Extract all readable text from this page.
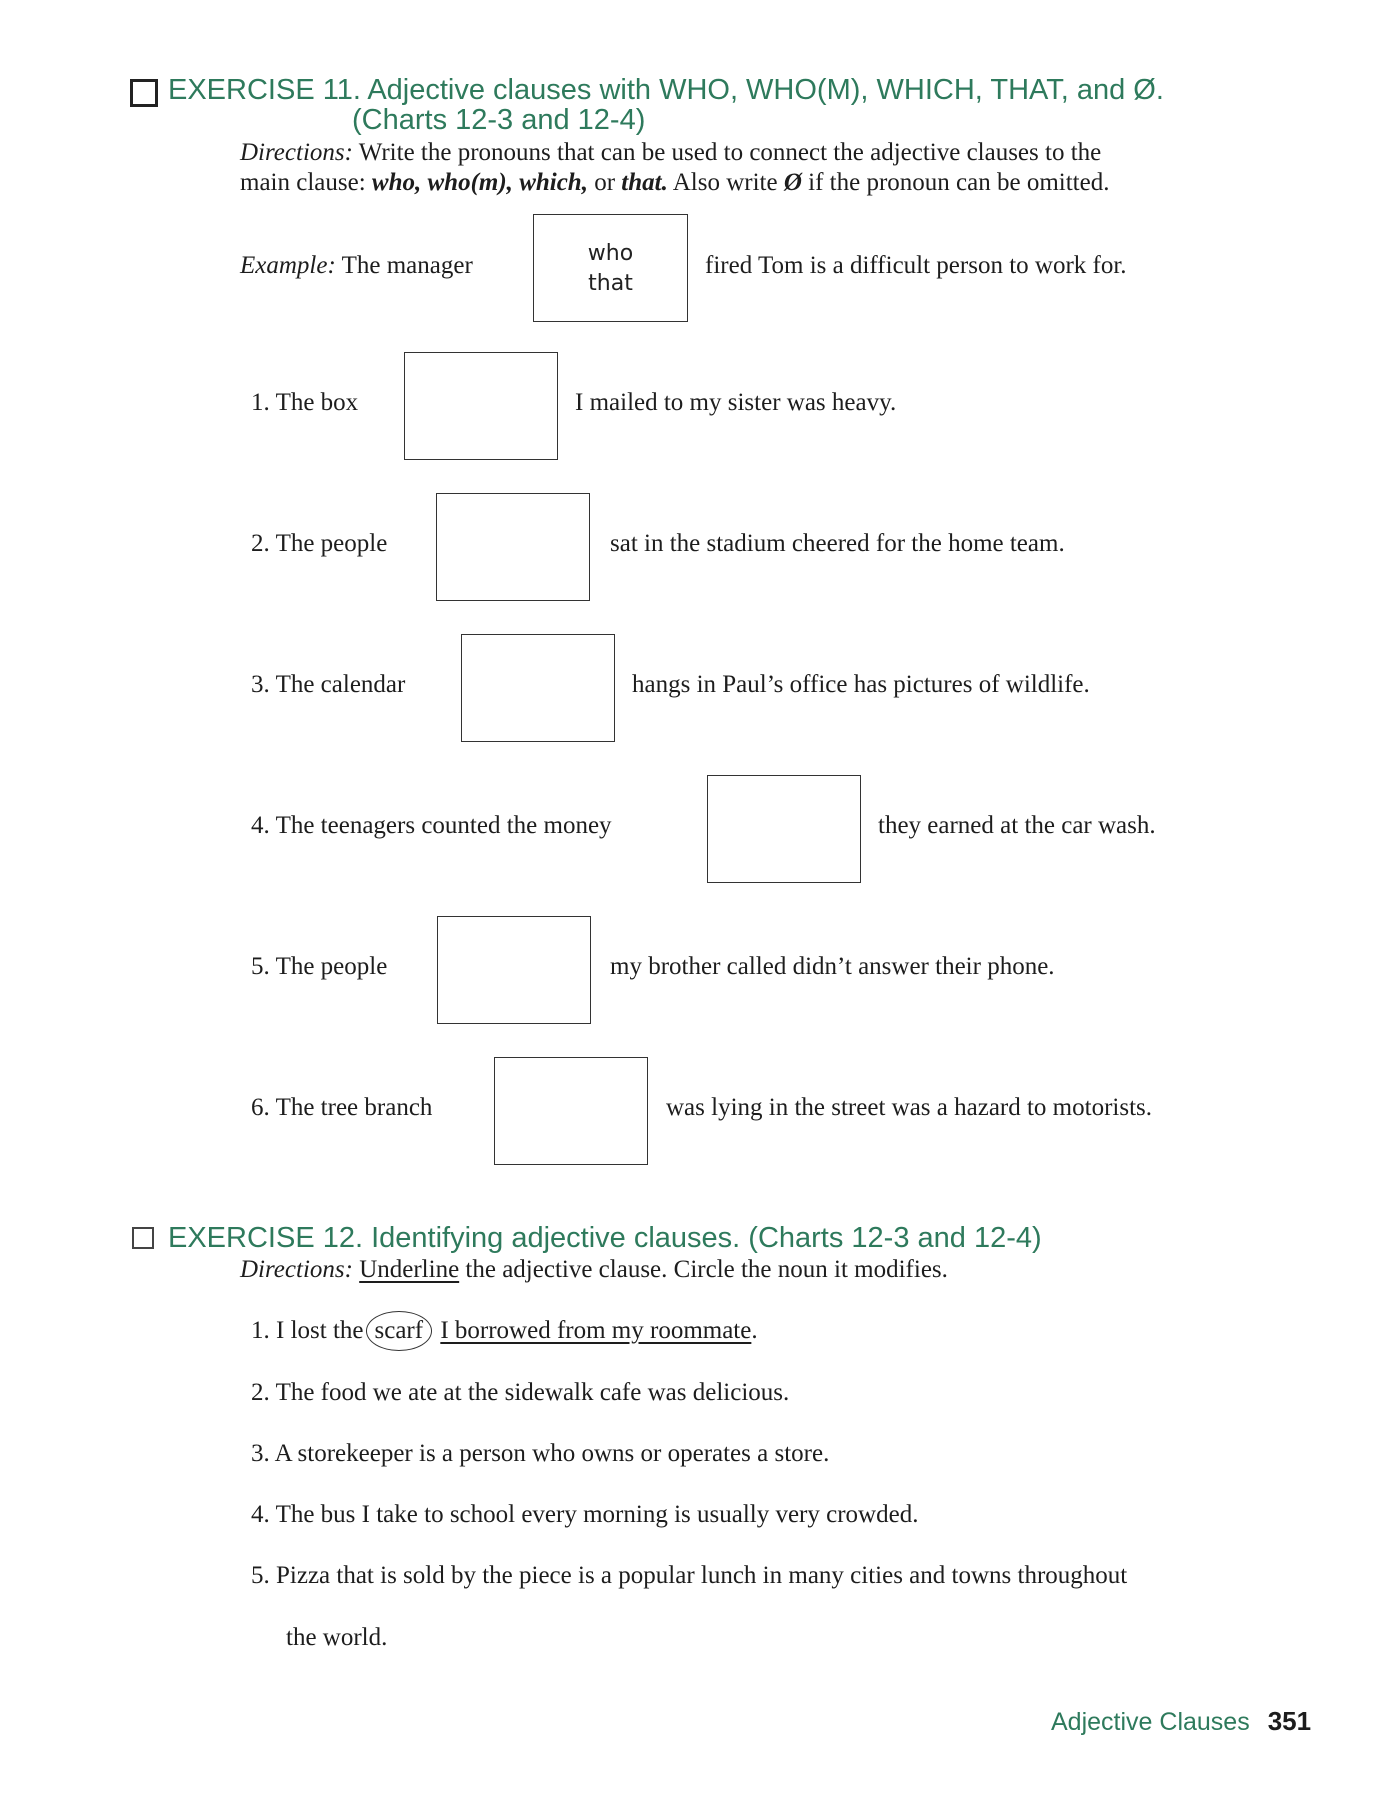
EXERCISE 11. Adjective clauses with WHO, WHO(M), WHICH, THAT, and Ø.
(Charts 12-3 and 12-4)
Directions: Write the pronouns that can be used to connect the adjective clauses to the
main clause: who, who(m), which, or that. Also write Ø if the pronoun can be omitted.
Example: The manager	who
that
fired Tom is a difficult person to work for.
1. The box	I mailed to my sister was heavy.
2. The people	sat in the stadium cheered for the home team.
3. The calendar	hangs in Paul’s office has pictures of wildlife.
4. The teenagers counted the money	they earned at the car wash.
5. The people	my brother called didn’t answer their phone.
6. The tree branch	was lying in the street was a hazard to motorists.
EXERCISE 12. Identifying adjective clauses. (Charts 12-3 and 12-4)
Directions: Underline the adjective clause. Circle the noun it modifies.
1. I lost the scarf I borrowed from my roommate.
2. The food we ate at the sidewalk cafe was delicious.
3. A storekeeper is a person who owns or operates a store.
4. The bus I take to school every morning is usually very crowded.
5. Pizza that is sold by the piece is a popular lunch in many cities and towns throughout
the world.
Adjective Clauses 351
